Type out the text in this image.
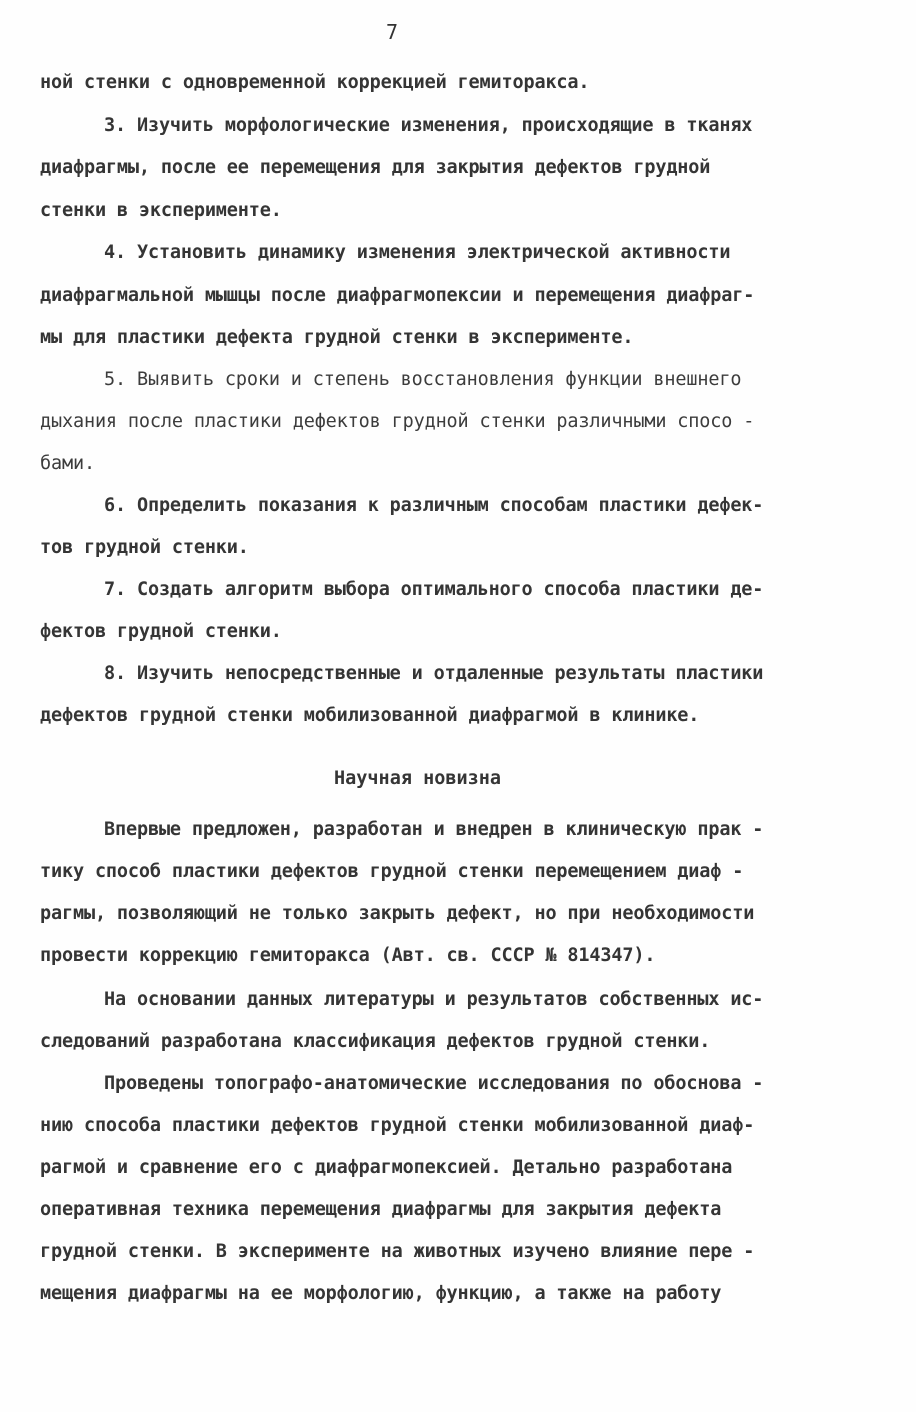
7
ной стенки с одновременной коррекцией гемиторакса.
3. Изучить морфологические изменения, происходящие в тканях
диафрагмы, после ее перемещения для закрытия дефектов грудной
стенки в эксперименте.
4. Установить динамику изменения электрической активности
диафрагмальной мышцы после диафрагмопексии и перемещения диафраг-
мы для пластики дефекта грудной стенки в эксперименте.
5. Выявить сроки и степень восстановления функции внешнего
дыхания после пластики дефектов грудной стенки различными спосо -
бами.
6. Определить показания к различным способам пластики дефек-
тов грудной стенки.
7. Создать алгоритм выбора оптимального способа пластики де-
фектов грудной стенки.
8. Изучить непосредственные и отдаленные результаты пластики
дефектов грудной стенки мобилизованной диафрагмой в клинике.
Научная новизна
Впервые предложен, разработан и внедрен в клиническую прак -
тику способ пластики дефектов грудной стенки перемещением диаф -
рагмы, позволяющий не только закрыть дефект, но при необходимости
провести коррекцию гемиторакса (Авт. св. СССР № 814347).
На основании данных литературы и результатов собственных ис-
следований разработана классификация дефектов грудной стенки.
Проведены топографо-анатомические исследования по обоснова -
нию способа пластики дефектов грудной стенки мобилизованной диаф-
рагмой и сравнение его с диафрагмопексией. Детально разработана
оперативная техника перемещения диафрагмы для закрытия дефекта
грудной стенки. В эксперименте на животных изучено влияние пере -
мещения диафрагмы на ее морфологию, функцию, а также на работу
